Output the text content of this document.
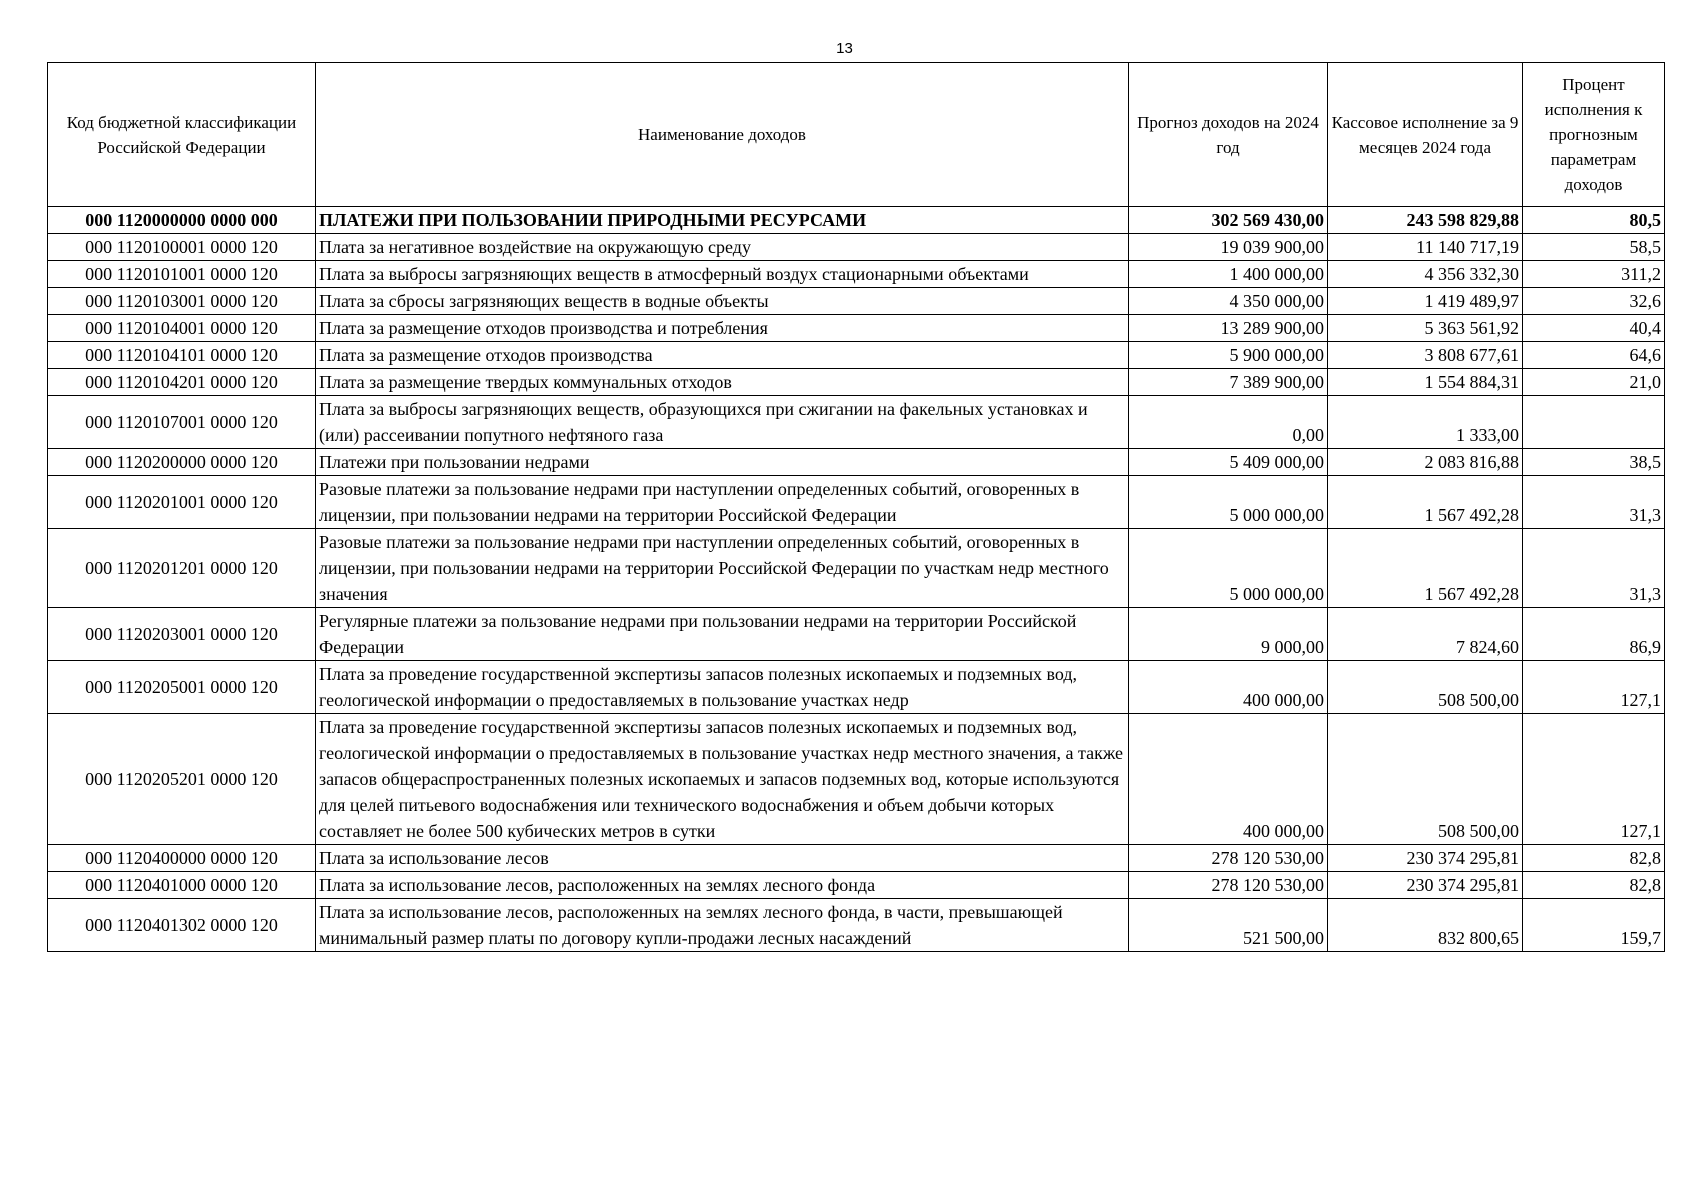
13
Код бюджетной классификации Российской Федерации	Наименование доходов	Прогноз доходов на 2024 год	Кассовое исполнение за 9 месяцев 2024 года	Процент исполнения к прогнозным параметрам доходов
000 1120000000 0000 000	ПЛАТЕЖИ ПРИ ПОЛЬЗОВАНИИ ПРИРОДНЫМИ РЕСУРСАМИ	302 569 430,00	243 598 829,88	80,5
000 1120100001 0000 120	Плата за негативное воздействие на окружающую среду	19 039 900,00	11 140 717,19	58,5
000 1120101001 0000 120	Плата за выбросы загрязняющих веществ в атмосферный воздух стационарными объектами	1 400 000,00	4 356 332,30	311,2
000 1120103001 0000 120	Плата за сбросы загрязняющих веществ в водные объекты	4 350 000,00	1 419 489,97	32,6
000 1120104001 0000 120	Плата за размещение отходов производства и потребления	13 289 900,00	5 363 561,92	40,4
000 1120104101 0000 120	Плата за размещение отходов производства	5 900 000,00	3 808 677,61	64,6
000 1120104201 0000 120	Плата за размещение твердых коммунальных отходов	7 389 900,00	1 554 884,31	21,0
000 1120107001 0000 120	Плата за выбросы загрязняющих веществ, образующихся при сжигании на факельных установках и (или) рассеивании попутного нефтяного газа	0,00	1 333,00	
000 1120200000 0000 120	Платежи при пользовании недрами	5 409 000,00	2 083 816,88	38,5
000 1120201001 0000 120	Разовые платежи за пользование недрами при наступлении определенных событий, оговоренных в лицензии, при пользовании недрами на территории Российской Федерации	5 000 000,00	1 567 492,28	31,3
000 1120201201 0000 120	Разовые платежи за пользование недрами при наступлении определенных событий, оговоренных в лицензии, при пользовании недрами на территории Российской Федерации по участкам недр местного значения	5 000 000,00	1 567 492,28	31,3
000 1120203001 0000 120	Регулярные платежи за пользование недрами при пользовании недрами на территории Российской Федерации	9 000,00	7 824,60	86,9
000 1120205001 0000 120	Плата за проведение государственной экспертизы запасов полезных ископаемых и подземных вод, геологической информации о предоставляемых в пользование участках недр	400 000,00	508 500,00	127,1
000 1120205201 0000 120	Плата за проведение государственной экспертизы запасов полезных ископаемых и подземных вод, геологической информации о предоставляемых в пользование участках недр местного значения, а также запасов общераспространенных полезных ископаемых и запасов подземных вод, которые используются для целей питьевого водоснабжения или технического водоснабжения и объем добычи которых составляет не более 500 кубических метров в сутки	400 000,00	508 500,00	127,1
000 1120400000 0000 120	Плата за использование лесов	278 120 530,00	230 374 295,81	82,8
000 1120401000 0000 120	Плата за использование лесов, расположенных на землях лесного фонда	278 120 530,00	230 374 295,81	82,8
000 1120401302 0000 120	Плата за использование лесов, расположенных на землях лесного фонда, в части, превышающей минимальный размер платы по договору купли-продажи лесных насаждений	521 500,00	832 800,65	159,7
